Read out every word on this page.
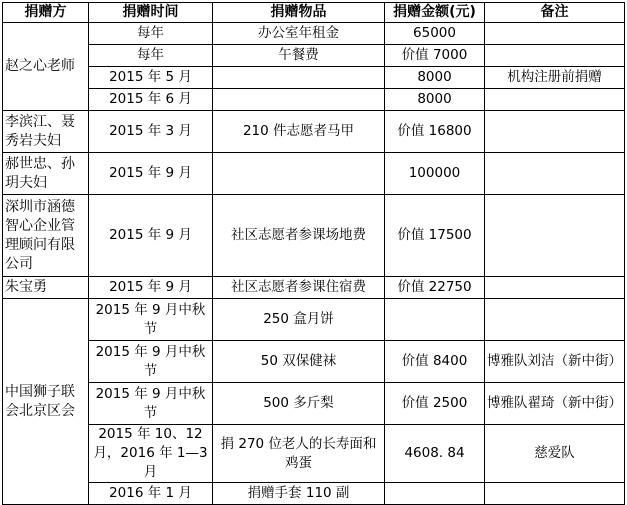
捐赠方	捐赠时间	捐赠物品	捐赠金额(元)	备注
赵之心老师	每年	办公室年租金	65000	
	每年	午餐费	价值 7000	
	2015 年 5 月		8000	机构注册前捐赠
	2015 年 6 月		8000	
李滨江、聂秀岩夫妇	2015 年 3 月	210 件志愿者马甲	价值 16800	
郝世忠、孙玥夫妇	2015 年 9 月		100000	
深圳市涵德智心企业管理顾问有限公司	2015 年 9 月	社区志愿者参课场地费	价值 17500	
朱宝勇	2015 年 9 月	社区志愿者参课住宿费	价值 22750	
中国狮子联会北京区会	2015 年 9 月中秋节	250 盒月饼		
	2015 年 9 月中秋节	50 双保健袜	价值 8400	博雅队刘洁（新中街）
	2015 年 9 月中秋节	500 多斤梨	价值 2500	博雅队翟琦（新中街）
	2015 年 10、12 月，2016 年 1—3 月	捐 270 位老人的长寿面和鸡蛋	4608. 84	慈爱队
	2016 年 1 月	捐赠手套 110 副		
